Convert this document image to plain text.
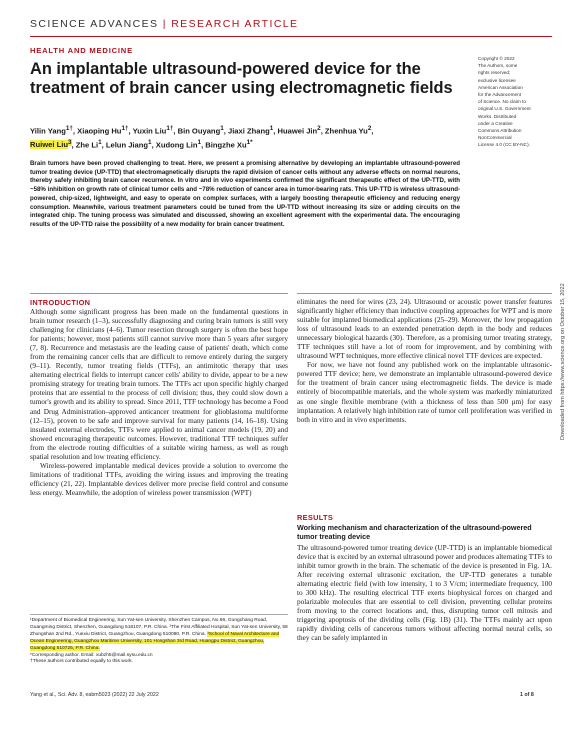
SCIENCE ADVANCES | RESEARCH ARTICLE
HEALTH AND MEDICINE
An implantable ultrasound-powered device for the treatment of brain cancer using electromagnetic fields
Yilin Yang$^{1\dagger}$, Xiaoping $Hu^{1\dagger}$, Yuxin Liu$^{1\dagger}$, Bin Ouyang$^1$, Jiaxi Zhang$^1$, Huawei Jin$^2$, Zhenhua Yu$^2$,
Ruiwei Liu$^3$, Zhe Li$^1$, Lelun Jiang$^1$, Xudong Lin$^1$, Bingzhe $Xu^{1*}$
Copyright © 2022
The Authors, some
rights reserved;
exclusive licensee
American Association
for the Advancement
of Science. No claim to
original U.S. Government
Works. Distributed
under a Creative
Commons Attribution
NonCommercial
License 4.0 (CC BY-NC).
Brain tumors have been proved challenging to treat. Here, we present a promising alternative by developing an implantable ultrasound-powered tumor treating device (UP-TTD) that electromagnetically disrupts the rapid division of cancer cells without any adverse effects on normal neurons, thereby safely inhibiting brain cancer recurrence. In vitro and in vivo experiments confirmed the significant therapeutic effect of the UP-TTD, with ~58% inhibition on growth rate of clinical tumor cells and ~78% reduction of cancer area in tumor-bearing rats. This UP-TTD is wireless ultrasound-powered, chip-sized, lightweight, and easy to operate on complex surfaces, with a largely boosting therapeutic efficiency and reducing energy consumption. Meanwhile, various treatment parameters could be tuned from the UP-TTD without increasing its size or adding circuits on the integrated chip. The tuning process was simulated and discussed, showing an excellent agreement with the experimental data. The encouraging results of the UP-TTD raise the possibility of a new modality for brain cancer treatment.
INTRODUCTION

Although some significant progress has been made on the fundamental questions in brain tumor research (1–3), successfully diagnosing and curing brain tumors is still very challenging for clinicians (4–6). Tumor resection through surgery is often the best hope for patients; however, most patients still cannot survive more than 5 years after surgery (7, 8). Recurrence and metastasis are the leading cause of patients' death, which come from the remaining cancer cells that are difficult to remove entirely during the surgery (9–11). Recently, tumor treating fields (TTFs), an antimitotic therapy that uses alternating electrical fields to interrupt cancer cells' ability to divide, appear to be a new promising strategy for treating brain tumors. The TTFs act upon specific highly charged proteins that are essential to the process of cell division; thus, they could slow down a tumor's growth and its ability to spread. Since 2011, TTF technology has become a Food and Drug Administration–approved anticancer treatment for glioblastoma multiforme (12–15), proven to be safe and improve survival for many patients (14, 16–18). Using insulated external electrodes, TTFs were applied to animal cancer models (19, 20) and showed encouraging therapeutic outcomes. However, traditional TTF techniques suffer from the electrode routing difficulties of a suitable wiring harness, as well as rough spatial resolution and low treating efficiency.

Wireless-powered implantable medical devices provide a solution to overcome the limitations of traditional TTFs, avoiding the wiring issues and improving the treating efficiency (21, 22). Implantable devices deliver more precise field control and consume less energy. Meanwhile, the adoption of wireless power transmission (WPT)

¹Department of Biomedical Engineering, Sun Yat-sen University, Shenzhen Campus, No 66, Gongchang Road, Guangming District, Shenzhen, Guangdong 518107, P.R. China. ²The First Affiliated Hospital, Sun Yat-sen University, 58 Zhongshan 2nd Rd., Yuexiu District, Guangzhou, Guangdong 510080, P.R. China. ³School of Naval Architecture and Ocean Engineering, Guangzhou Maritime University, 101 Hongshan 3rd Road, Huangpu District, Guangzhou, Guangdong 510725, P.R. China.

*Corresponding author. Email: xubzh5@mail.sysu.edu.cn

†These authors contributed equally to this work.

eliminates the need for wires (23, 24). Ultrasound or acoustic power transfer features significantly higher efficiency than inductive coupling approaches for WPT and is more suitable for implanted biomedical applications (25–29). Moreover, the low propagation loss of ultrasound leads to an extended penetration depth in the body and reduces unnecessary biological hazards (30). Therefore, as a promising tumor treating strategy, TTF techniques still have a lot of room for improvement, and by combining with ultrasound WPT techniques, more effective clinical novel TTF devices are expected.

For now, we have not found any published work on the implantable ultrasonic-powered TTF device; here, we demonstrate an implantable ultrasound-powered device for the treatment of brain cancer using electromagnetic fields. The device is made entirely of biocompatible materials, and the whole system was markedly miniaturized as one single flexible membrane (with a thickness of less than 500 μm) for easy implantation. A relatively high inhibition rate of tumor cell proliferation was verified in both in vitro and in vivo experiments.

RESULTS
Working mechanism and characterization of the ultrasound-powered tumor treating device

The ultrasound-powered tumor treating device (UP-TTD) is an implantable biomedical device that is excited by an external ultrasound power and produces alternating TTFs to inhibit tumor growth in the brain. The schematic of the device is presented in Fig. 1A. After receiving external ultrasonic excitation, the UP-TTD generates a tunable alternating electric field (with low intensity, 1 to 3 V/cm; intermediate frequency, 100 to 300 kHz). The resulting electrical TTF exerts biophysical forces on charged and polarizable molecules that are essential to cell division, preventing cellular proteins from moving to the correct locations and, thus, disrupting tumor cell mitosis and triggering apoptosis of the dividing cells (Fig. 1B) (31). The TTFs mainly act upon rapidly dividing cells of cancerous tumors without affecting normal neural cells, so they can be safely implanted in

Yang et al., Sci. Adv. 8, eabm5023 (2022) 22 July 2022	1 of 8
Downloaded from https://www.science.org on October 15, 2022
